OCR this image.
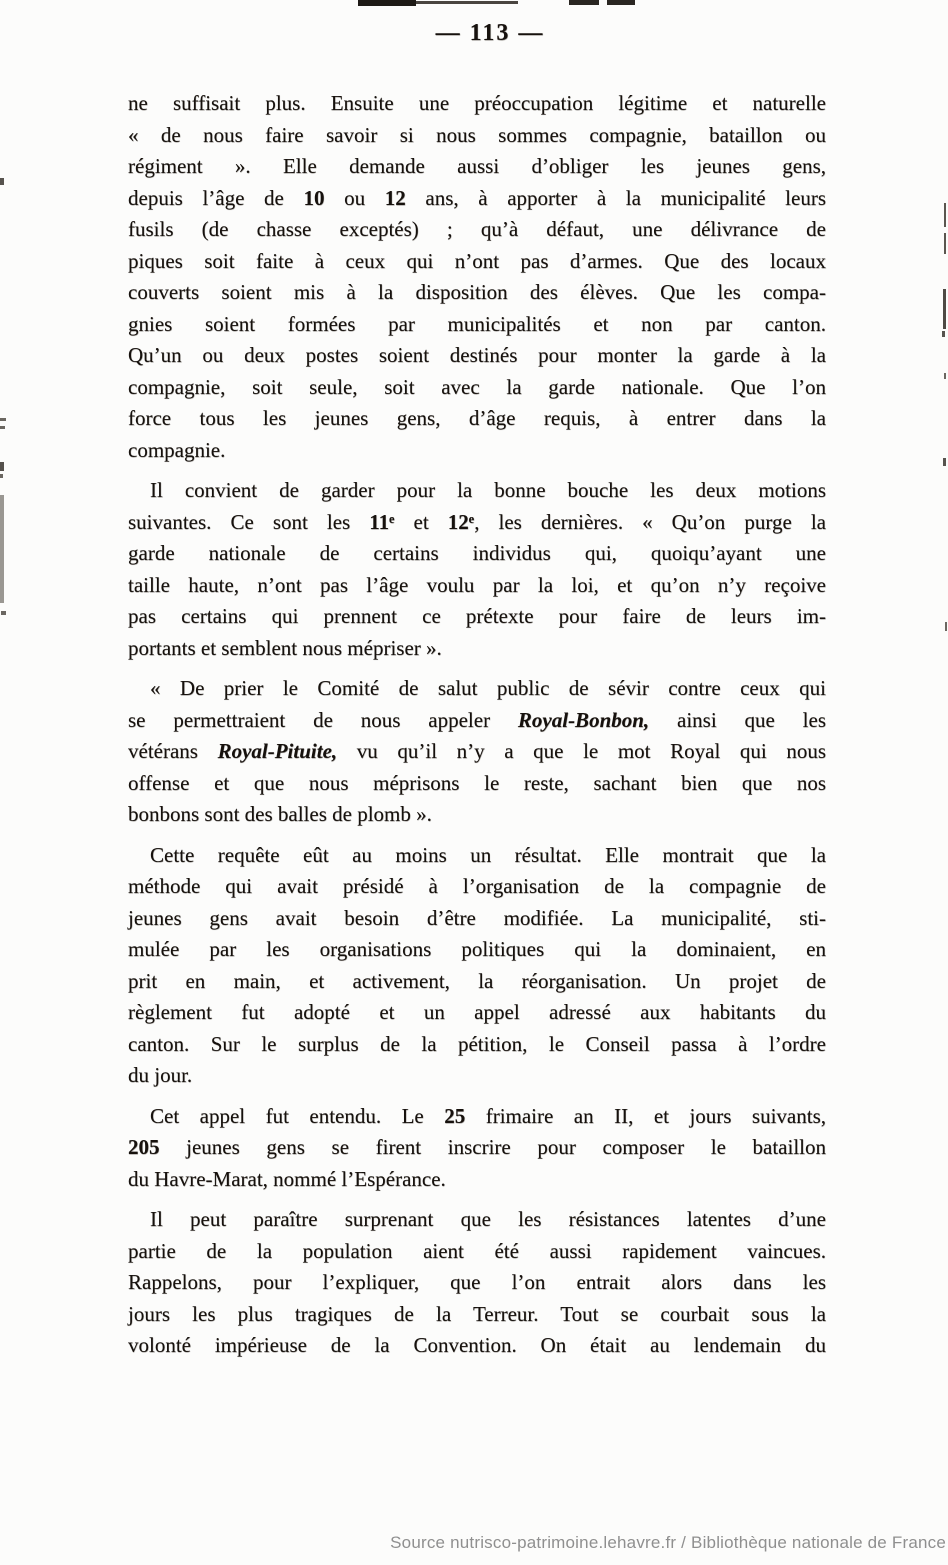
— 113 —
ne suffisait plus. Ensuite une préoccupation légitime et naturelle
« de nous faire savoir si nous sommes compagnie, bataillon ou
régiment ». Elle demande aussi d’obliger les jeunes gens,
depuis l’âge de 10 ou 12 ans, à apporter à la municipalité leurs
fusils (de chasse exceptés) ; qu’à défaut, une délivrance de
piques soit faite à ceux qui n’ont pas d’armes. Que des locaux
couverts soient mis à la disposition des élèves. Que les compa-
gnies soient formées par municipalités et non par canton.
Qu’un ou deux postes soient destinés pour monter la garde à la
compagnie, soit seule, soit avec la garde nationale. Que l’on
force tous les jeunes gens, d’âge requis, à entrer dans la
compagnie.
Il convient de garder pour la bonne bouche les deux motions
suivantes. Ce sont les 11ᵉ et 12ᵉ, les dernières. « Qu’on purge la
garde nationale de certains individus qui, quoiqu’ayant une
taille haute, n’ont pas l’âge voulu par la loi, et qu’on n’y reçoive
pas certains qui prennent ce prétexte pour faire de leurs im-
portants et semblent nous mépriser ».
« De prier le Comité de salut public de sévir contre ceux qui
se permettraient de nous appeler Royal-Bonbon, ainsi que les
vétérans Royal-Pituite, vu qu’il n’y a que le mot Royal qui nous
offense et que nous méprisons le reste, sachant bien que nos
bonbons sont des balles de plomb ».
Cette requête eût au moins un résultat. Elle montrait que la
méthode qui avait présidé à l’organisation de la compagnie de
jeunes gens avait besoin d’être modifiée. La municipalité, sti-
mulée par les organisations politiques qui la dominaient, en
prit en main, et activement, la réorganisation. Un projet de
règlement fut adopté et un appel adressé aux habitants du
canton. Sur le surplus de la pétition, le Conseil passa à l’ordre
du jour.
Cet appel fut entendu. Le 25 frimaire an II, et jours suivants,
205 jeunes gens se firent inscrire pour composer le bataillon
du Havre-Marat, nommé l’Espérance.
Il peut paraître surprenant que les résistances latentes d’une
partie de la population aient été aussi rapidement vaincues.
Rappelons, pour l’expliquer, que l’on entrait alors dans les
jours les plus tragiques de la Terreur. Tout se courbait sous la
volonté impérieuse de la Convention. On était au lendemain du
Source nutrisco-patrimoine.lehavre.fr / Bibliothèque nationale de France
